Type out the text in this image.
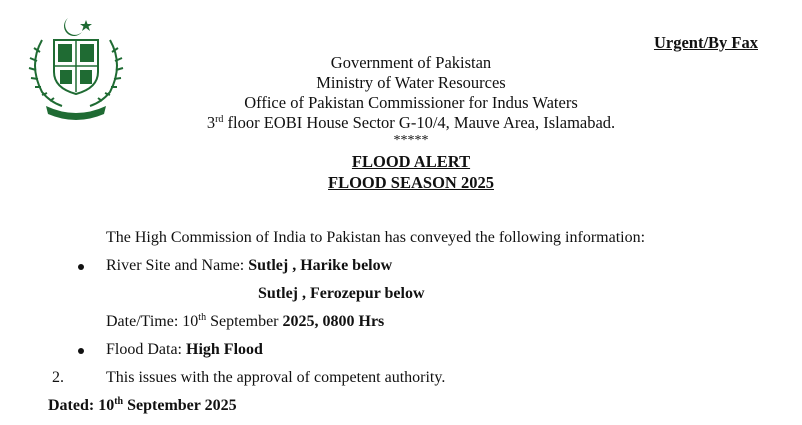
Urgent/By Fax
Government of Pakistan
Ministry of Water Resources
Office of Pakistan Commissioner for Indus Waters
3rd floor EOBI House Sector G-10/4, Mauve Area, Islamabad.
*****
FLOOD ALERT
FLOOD SEASON 2025
The High Commission of India to Pakistan has conveyed the following information:
River Site and Name: Sutlej , Harike below
Sutlej , Ferozepur below
Date/Time: 10th September 2025, 0800 Hrs
Flood Data: High Flood
2.	This issues with the approval of competent authority.
Dated: 10th September 2025
